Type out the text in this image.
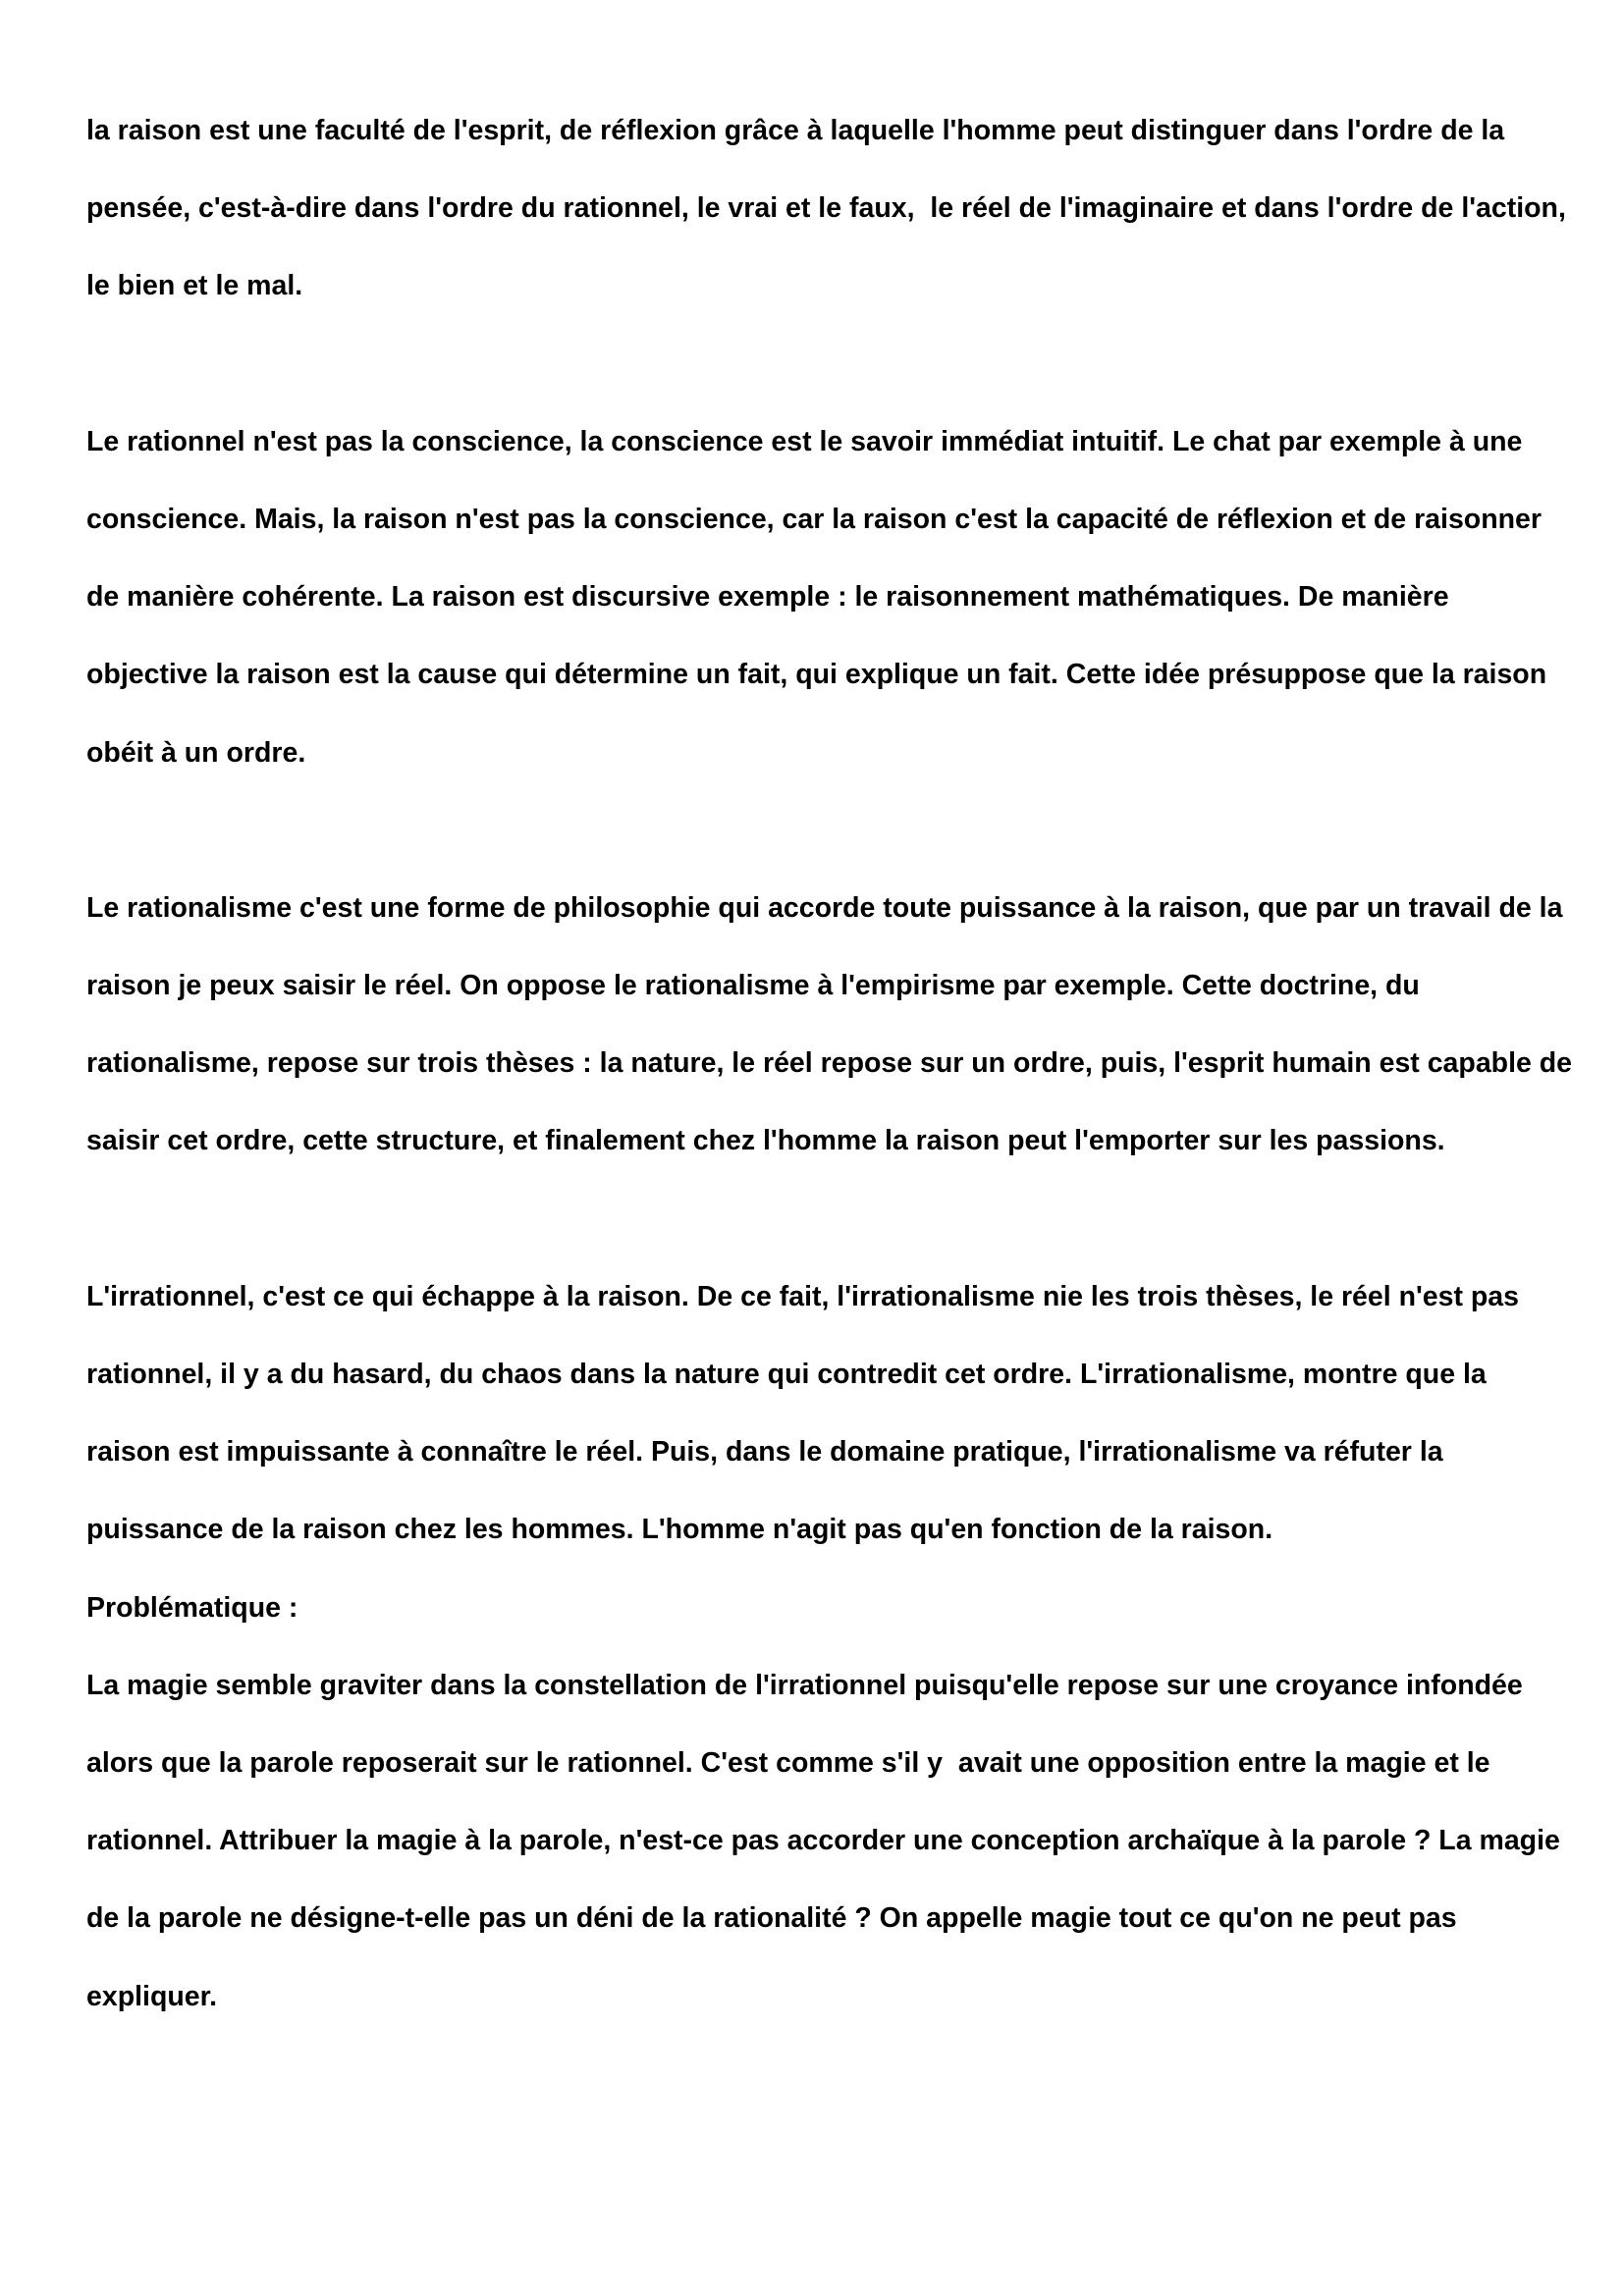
la raison est une faculté de l'esprit, de réflexion grâce à laquelle l'homme peut distinguer dans l'ordre de la
pensée, c'est-à-dire dans l'ordre du rationnel, le vrai et le faux,  le réel de l'imaginaire et dans l'ordre de l'action,
le bien et le mal.
Le rationnel n'est pas la conscience, la conscience est le savoir immédiat intuitif. Le chat par exemple à une
conscience. Mais, la raison n'est pas la conscience, car la raison c'est la capacité de réflexion et de raisonner
de manière cohérente. La raison est discursive exemple : le raisonnement mathématiques. De manière
objective la raison est la cause qui détermine un fait, qui explique un fait. Cette idée présuppose que la raison
obéit à un ordre.
Le rationalisme c'est une forme de philosophie qui accorde toute puissance à la raison, que par un travail de la
raison je peux saisir le réel. On oppose le rationalisme à l'empirisme par exemple. Cette doctrine, du
rationalisme, repose sur trois thèses : la nature, le réel repose sur un ordre, puis, l'esprit humain est capable de
saisir cet ordre, cette structure, et finalement chez l'homme la raison peut l'emporter sur les passions.
L'irrationnel, c'est ce qui échappe à la raison. De ce fait, l'irrationalisme nie les trois thèses, le réel n'est pas
rationnel, il y a du hasard, du chaos dans la nature qui contredit cet ordre. L'irrationalisme, montre que la
raison est impuissante à connaître le réel. Puis, dans le domaine pratique, l'irrationalisme va réfuter la
puissance de la raison chez les hommes. L'homme n'agit pas qu'en fonction de la raison.
Problématique :
La magie semble graviter dans la constellation de l'irrationnel puisqu'elle repose sur une croyance infondée
alors que la parole reposerait sur le rationnel. C'est comme s'il y  avait une opposition entre la magie et le
rationnel. Attribuer la magie à la parole, n'est-ce pas accorder une conception archaïque à la parole ? La magie
de la parole ne désigne-t-elle pas un déni de la rationalité ? On appelle magie tout ce qu'on ne peut pas
expliquer.
